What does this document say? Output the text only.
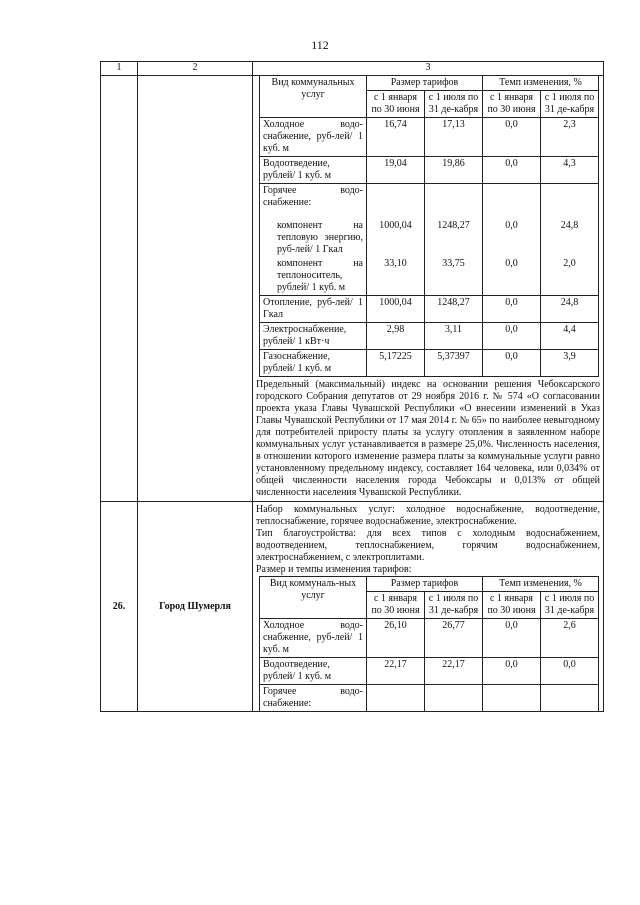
112
1	2	3

Вид коммунальных услуг	Размер тарифов	Темп изменения, %
с 1 января по 30 июня	с 1 июля по 31 де-кабря	с 1 января по 30 июня	с 1 июля по 31 де-кабря
Холодное водо-снабжение, руб-лей/ 1 куб. м	16,74	17,13	0,0	2,3
Водоотведение, рублей/ 1 куб. м	19,04	19,86	0,0	4,3
Горячее водо-снабжение:				
компонент на тепловую энергию, руб-лей/ 1 Гкал	1000,04	1248,27	0,0	24,8
компонент на теплоноситель, рублей/ 1 куб. м	33,10	33,75	0,0	2,0
Отопление, руб-лей/ 1 Гкал	1000,04	1248,27	0,0	24,8
Электроснабжение, рублей/ 1 кВт·ч	2,98	3,11	0,0	4,4
Газоснабжение, рублей/ 1 куб. м	5,17225	5,37397	0,0	3,9
Предельный (максимальный) индекс на основании решения Чебоксарского городского Собрания депутатов от 29 ноября 2016 г. № 574 «О согласовании проекта указа Главы Чувашской Республики «О внесении изменений в Указ Главы Чувашской Республики от 17 мая 2014 г. № 65» по наиболее невыгодному для потребителей приросту платы за услугу отопления в заявленном наборе коммунальных услуг устанавливается в размере 25,0%. Численность населения, в отношении которого изменение размера платы за коммунальные услуги равно установленному предельному индексу, составляет 164 человека, или 0,034% от общей численности населения города Чебоксары и 0,013% от общей численности населения Чувашской Республики.

26.	Город Шумерля	
Набор коммунальных услуг: холодное водоснабжение, водоотведение, теплоснабжение, горячее водоснабжение, электроснабжение.
Тип благоустройства: для всех типов с холодным водоснабжением, водоотведением, теплоснабжением, горячим водоснабжением, электроснабжением, с электроплитами.
Размер и темпы изменения тарифов:
Вид коммуналь-ных услуг	Размер тарифов	Темп изменения, %
с 1 января по 30 июня	с 1 июля по 31 де-кабря	с 1 января по 30 июня	с 1 июля по 31 де-кабря
Холодное водо-снабжение, руб-лей/ 1 куб. м	26,10	26,77	0,0	2,6
Водоотведение, рублей/ 1 куб. м	22,17	22,17	0,0	0,0
Горячее водо-снабжение:				
